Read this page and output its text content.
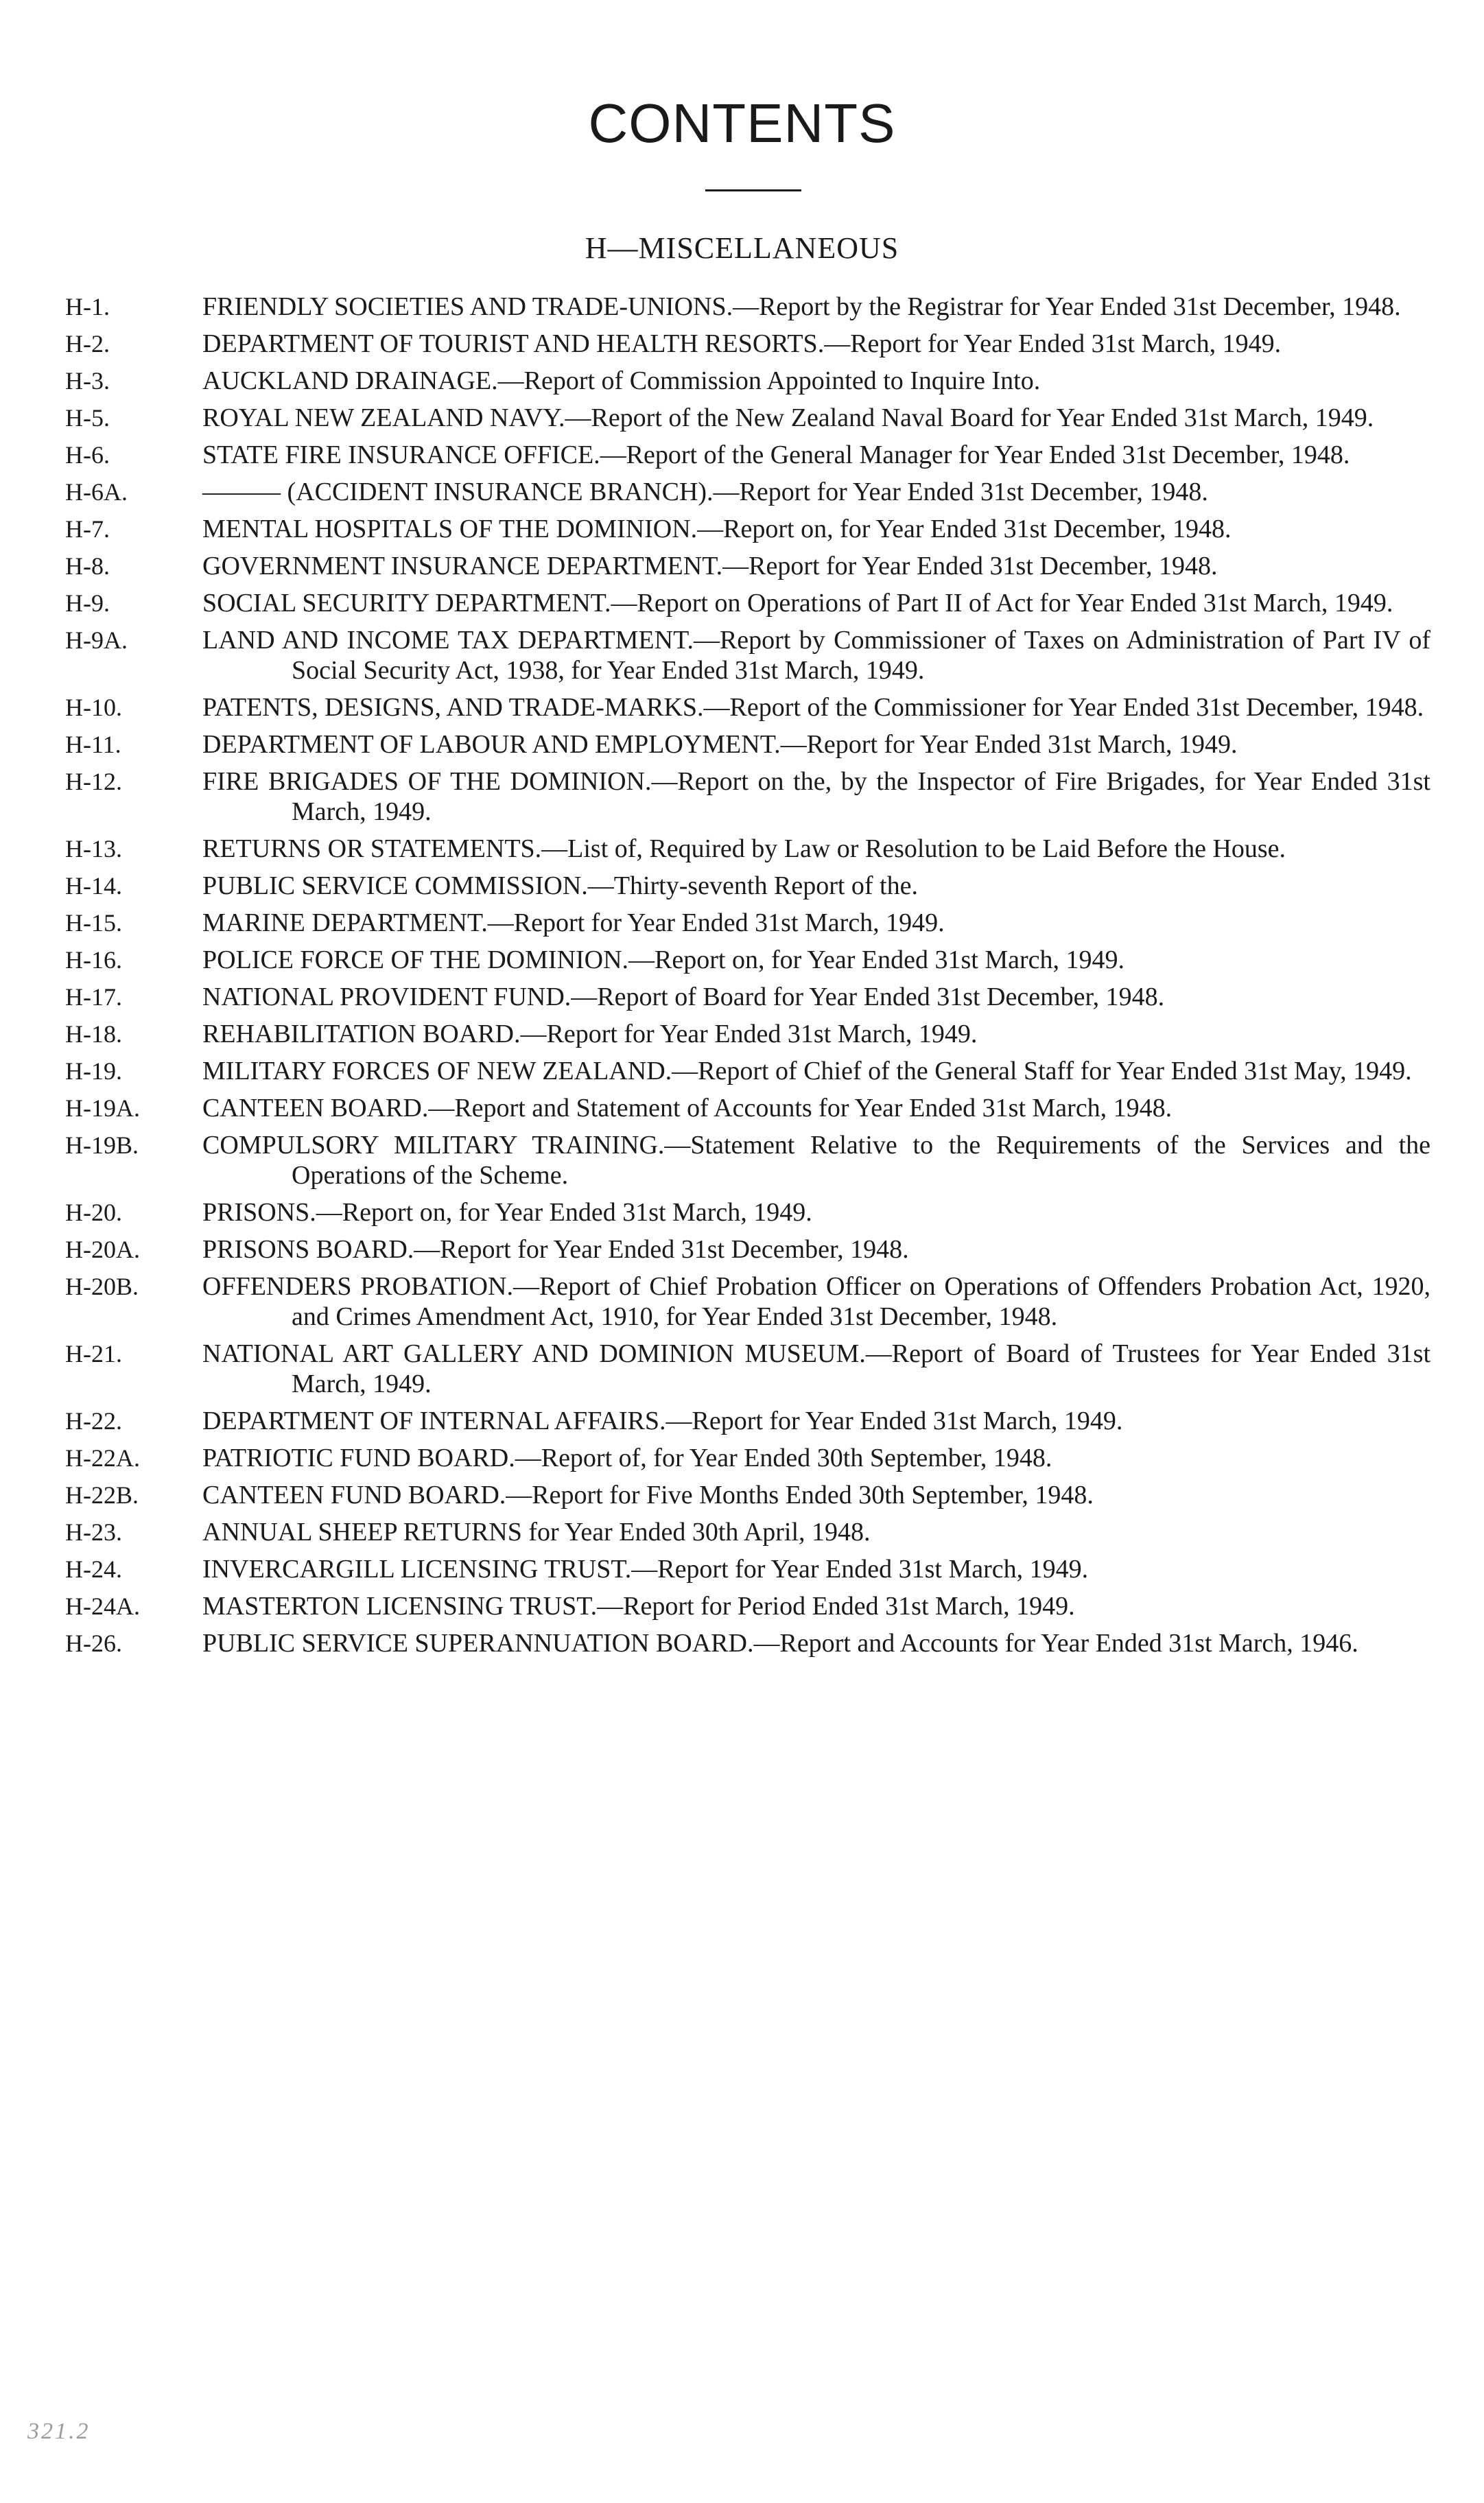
CONTENTS
H—MISCELLANEOUS
H-1.	FRIENDLY SOCIETIES AND TRADE-UNIONS.—Report by the Registrar for Year Ended 31st December, 1948.
H-2.	DEPARTMENT OF TOURIST AND HEALTH RESORTS.—Report for Year Ended 31st March, 1949.
H-3.	AUCKLAND DRAINAGE.—Report of Commission Appointed to Inquire Into.
H-5.	ROYAL NEW ZEALAND NAVY.—Report of the New Zealand Naval Board for Year Ended 31st March, 1949.
H-6.	STATE FIRE INSURANCE OFFICE.—Report of the General Manager for Year Ended 31st December, 1948.
H-6A.	——— (ACCIDENT INSURANCE BRANCH).—Report for Year Ended 31st December, 1948.
H-7.	MENTAL HOSPITALS OF THE DOMINION.—Report on, for Year Ended 31st December, 1948.
H-8.	GOVERNMENT INSURANCE DEPARTMENT.—Report for Year Ended 31st December, 1948.
H-9.	SOCIAL SECURITY DEPARTMENT.—Report on Operations of Part II of Act for Year Ended 31st March, 1949.
H-9A.	LAND AND INCOME TAX DEPARTMENT.—Report by Commissioner of Taxes on Administration of Part IV of Social Security Act, 1938, for Year Ended 31st March, 1949.
H-10.	PATENTS, DESIGNS, AND TRADE-MARKS.—Report of the Commissioner for Year Ended 31st December, 1948.
H-11.	DEPARTMENT OF LABOUR AND EMPLOYMENT.—Report for Year Ended 31st March, 1949.
H-12.	FIRE BRIGADES OF THE DOMINION.—Report on the, by the Inspector of Fire Brigades, for Year Ended 31st March, 1949.
H-13.	RETURNS OR STATEMENTS.—List of, Required by Law or Resolution to be Laid Before the House.
H-14.	PUBLIC SERVICE COMMISSION.—Thirty-seventh Report of the.
H-15.	MARINE DEPARTMENT.—Report for Year Ended 31st March, 1949.
H-16.	POLICE FORCE OF THE DOMINION.—Report on, for Year Ended 31st March, 1949.
H-17.	NATIONAL PROVIDENT FUND.—Report of Board for Year Ended 31st December, 1948.
H-18.	REHABILITATION BOARD.—Report for Year Ended 31st March, 1949.
H-19.	MILITARY FORCES OF NEW ZEALAND.—Report of Chief of the General Staff for Year Ended 31st May, 1949.
H-19A.	CANTEEN BOARD.—Report and Statement of Accounts for Year Ended 31st March, 1948.
H-19B.	COMPULSORY MILITARY TRAINING.—Statement Relative to the Requirements of the Services and the Operations of the Scheme.
H-20.	PRISONS.—Report on, for Year Ended 31st March, 1949.
H-20A.	PRISONS BOARD.—Report for Year Ended 31st December, 1948.
H-20B.	OFFENDERS PROBATION.—Report of Chief Probation Officer on Operations of Offenders Probation Act, 1920, and Crimes Amendment Act, 1910, for Year Ended 31st December, 1948.
H-21.	NATIONAL ART GALLERY AND DOMINION MUSEUM.—Report of Board of Trustees for Year Ended 31st March, 1949.
H-22.	DEPARTMENT OF INTERNAL AFFAIRS.—Report for Year Ended 31st March, 1949.
H-22A.	PATRIOTIC FUND BOARD.—Report of, for Year Ended 30th September, 1948.
H-22B.	CANTEEN FUND BOARD.—Report for Five Months Ended 30th September, 1948.
H-23.	ANNUAL SHEEP RETURNS for Year Ended 30th April, 1948.
H-24.	INVERCARGILL LICENSING TRUST.—Report for Year Ended 31st March, 1949.
H-24A.	MASTERTON LICENSING TRUST.—Report for Period Ended 31st March, 1949.
H-26.	PUBLIC SERVICE SUPERANNUATION BOARD.—Report and Accounts for Year Ended 31st March, 1946.
321.2
